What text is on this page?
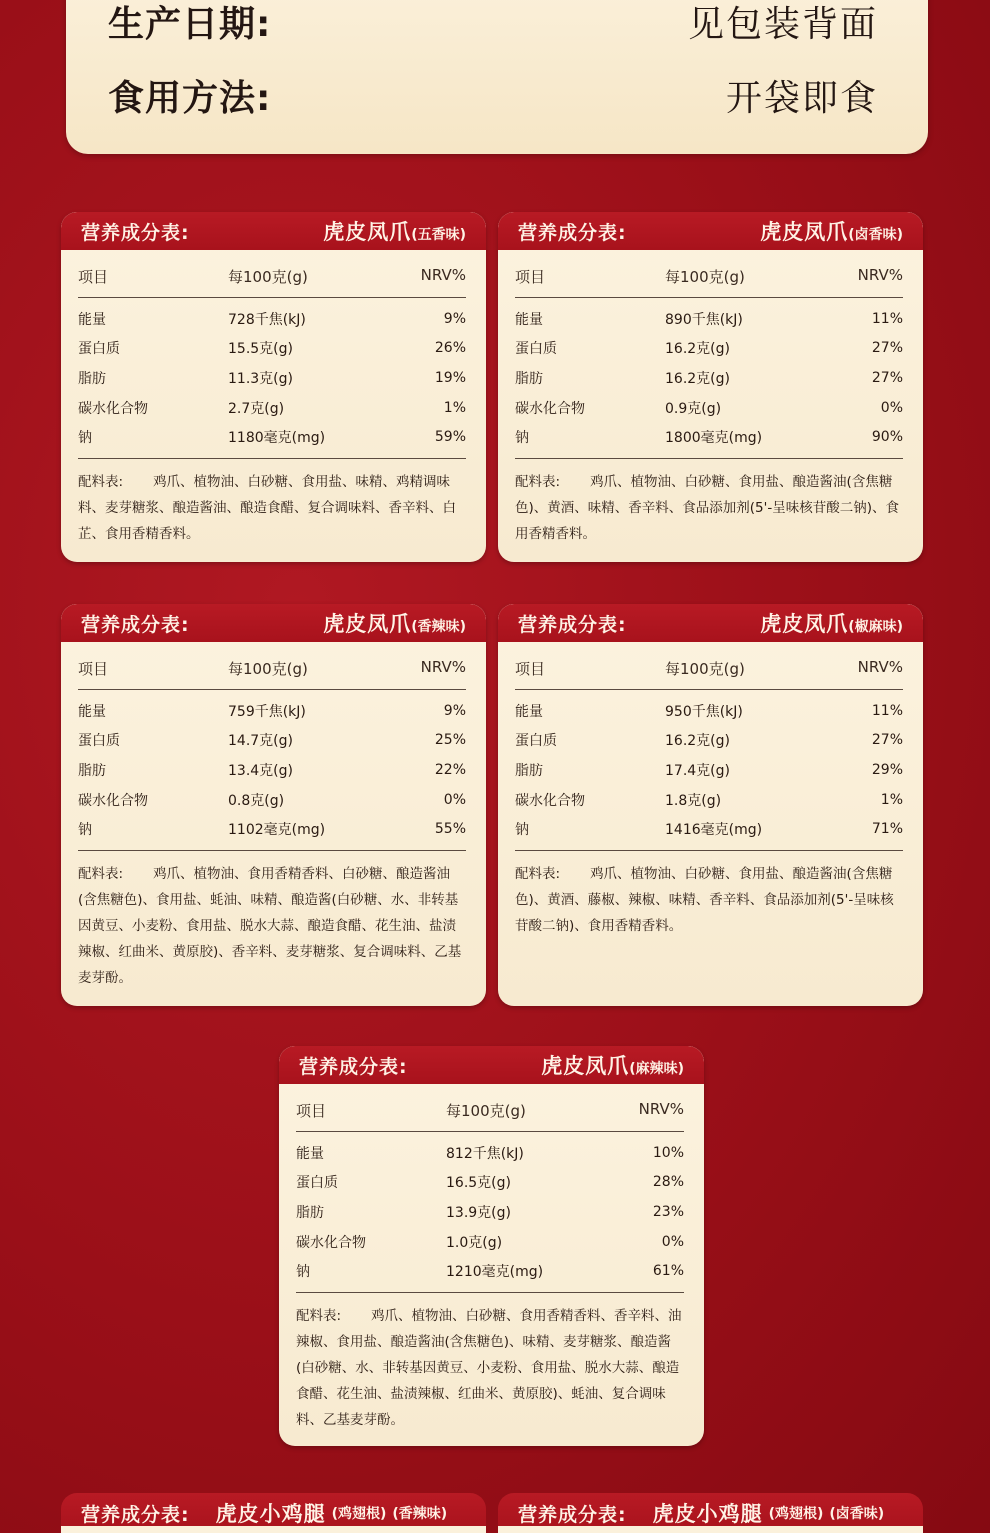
生产日期:	见包装背面
食用方法:	开袋即食
营养成分表:	虎皮凤爪(五香味)
项目	每100克(g)	NRV%
能量	728千焦(kJ)	9%
蛋白质	15.5克(g)	26%
脂肪	11.3克(g)	19%
碳水化合物	2.7克(g)	1%
钠	1180毫克(mg)	59%
配料表: 鸡爪、植物油、白砂糖、食用盐、味精、鸡精调味料、麦芽糖浆、酿造酱油、酿造食醋、复合调味料、香辛料、白芷、食用香精香料。
营养成分表:	虎皮凤爪(卤香味)
项目	每100克(g)	NRV%
能量	890千焦(kJ)	11%
蛋白质	16.2克(g)	27%
脂肪	16.2克(g)	27%
碳水化合物	0.9克(g)	0%
钠	1800毫克(mg)	90%
配料表: 鸡爪、植物油、白砂糖、食用盐、酿造酱油(含焦糖色)、黄酒、味精、香辛料、食品添加剂(5'-呈味核苷酸二钠)、食用香精香料。
营养成分表:	虎皮凤爪(香辣味)
项目	每100克(g)	NRV%
能量	759千焦(kJ)	9%
蛋白质	14.7克(g)	25%
脂肪	13.4克(g)	22%
碳水化合物	0.8克(g)	0%
钠	1102毫克(mg)	55%
配料表: 鸡爪、植物油、食用香精香料、白砂糖、酿造酱油(含焦糖色)、食用盐、蚝油、味精、酿造酱(白砂糖、水、非转基因黄豆、小麦粉、食用盐、脱水大蒜、酿造食醋、花生油、盐渍辣椒、红曲米、黄原胶)、香辛料、麦芽糖浆、复合调味料、乙基麦芽酚。
营养成分表:	虎皮凤爪(椒麻味)
项目	每100克(g)	NRV%
能量	950千焦(kJ)	11%
蛋白质	16.2克(g)	27%
脂肪	17.4克(g)	29%
碳水化合物	1.8克(g)	1%
钠	1416毫克(mg)	71%
配料表: 鸡爪、植物油、白砂糖、食用盐、酿造酱油(含焦糖色)、黄酒、藤椒、辣椒、味精、香辛料、食品添加剂(5'-呈味核苷酸二钠)、食用香精香料。
营养成分表:	虎皮凤爪(麻辣味)
项目	每100克(g)	NRV%
能量	812千焦(kJ)	10%
蛋白质	16.5克(g)	28%
脂肪	13.9克(g)	23%
碳水化合物	1.0克(g)	0%
钠	1210毫克(mg)	61%
配料表: 鸡爪、植物油、白砂糖、食用香精香料、香辛料、油辣椒、食用盐、酿造酱油(含焦糖色)、味精、麦芽糖浆、酿造酱(白砂糖、水、非转基因黄豆、小麦粉、食用盐、脱水大蒜、酿造食醋、花生油、盐渍辣椒、红曲米、黄原胶)、蚝油、复合调味料、乙基麦芽酚。
营养成分表: 虎皮小鸡腿 (鸡翅根) (香辣味)	营养成分表: 虎皮小鸡腿 (鸡翅根) (卤香味)
